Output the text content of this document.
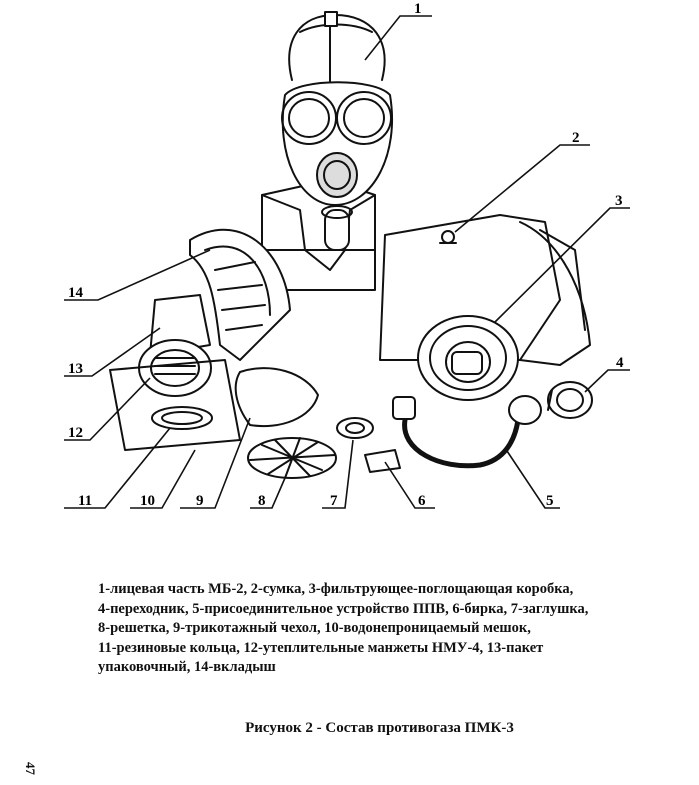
1
2
3
4
5
6
7
8
9
10
11
12
13
14
1-лицевая часть МБ-2, 2-сумка, 3-фильтрующее-поглощающая коробка,
4-переходник, 5-присоединительное устройство ППВ, 6-бирка, 7-заглушка,
8-решетка, 9-трикотажный чехол, 10-водонепроницаемый мешок,
11-резиновые кольца, 12-утеплительные манжеты НМУ-4, 13-пакет
упаковочный, 14-вкладыш
Рисунок 2 - Состав противогаза ПМК-3
47
